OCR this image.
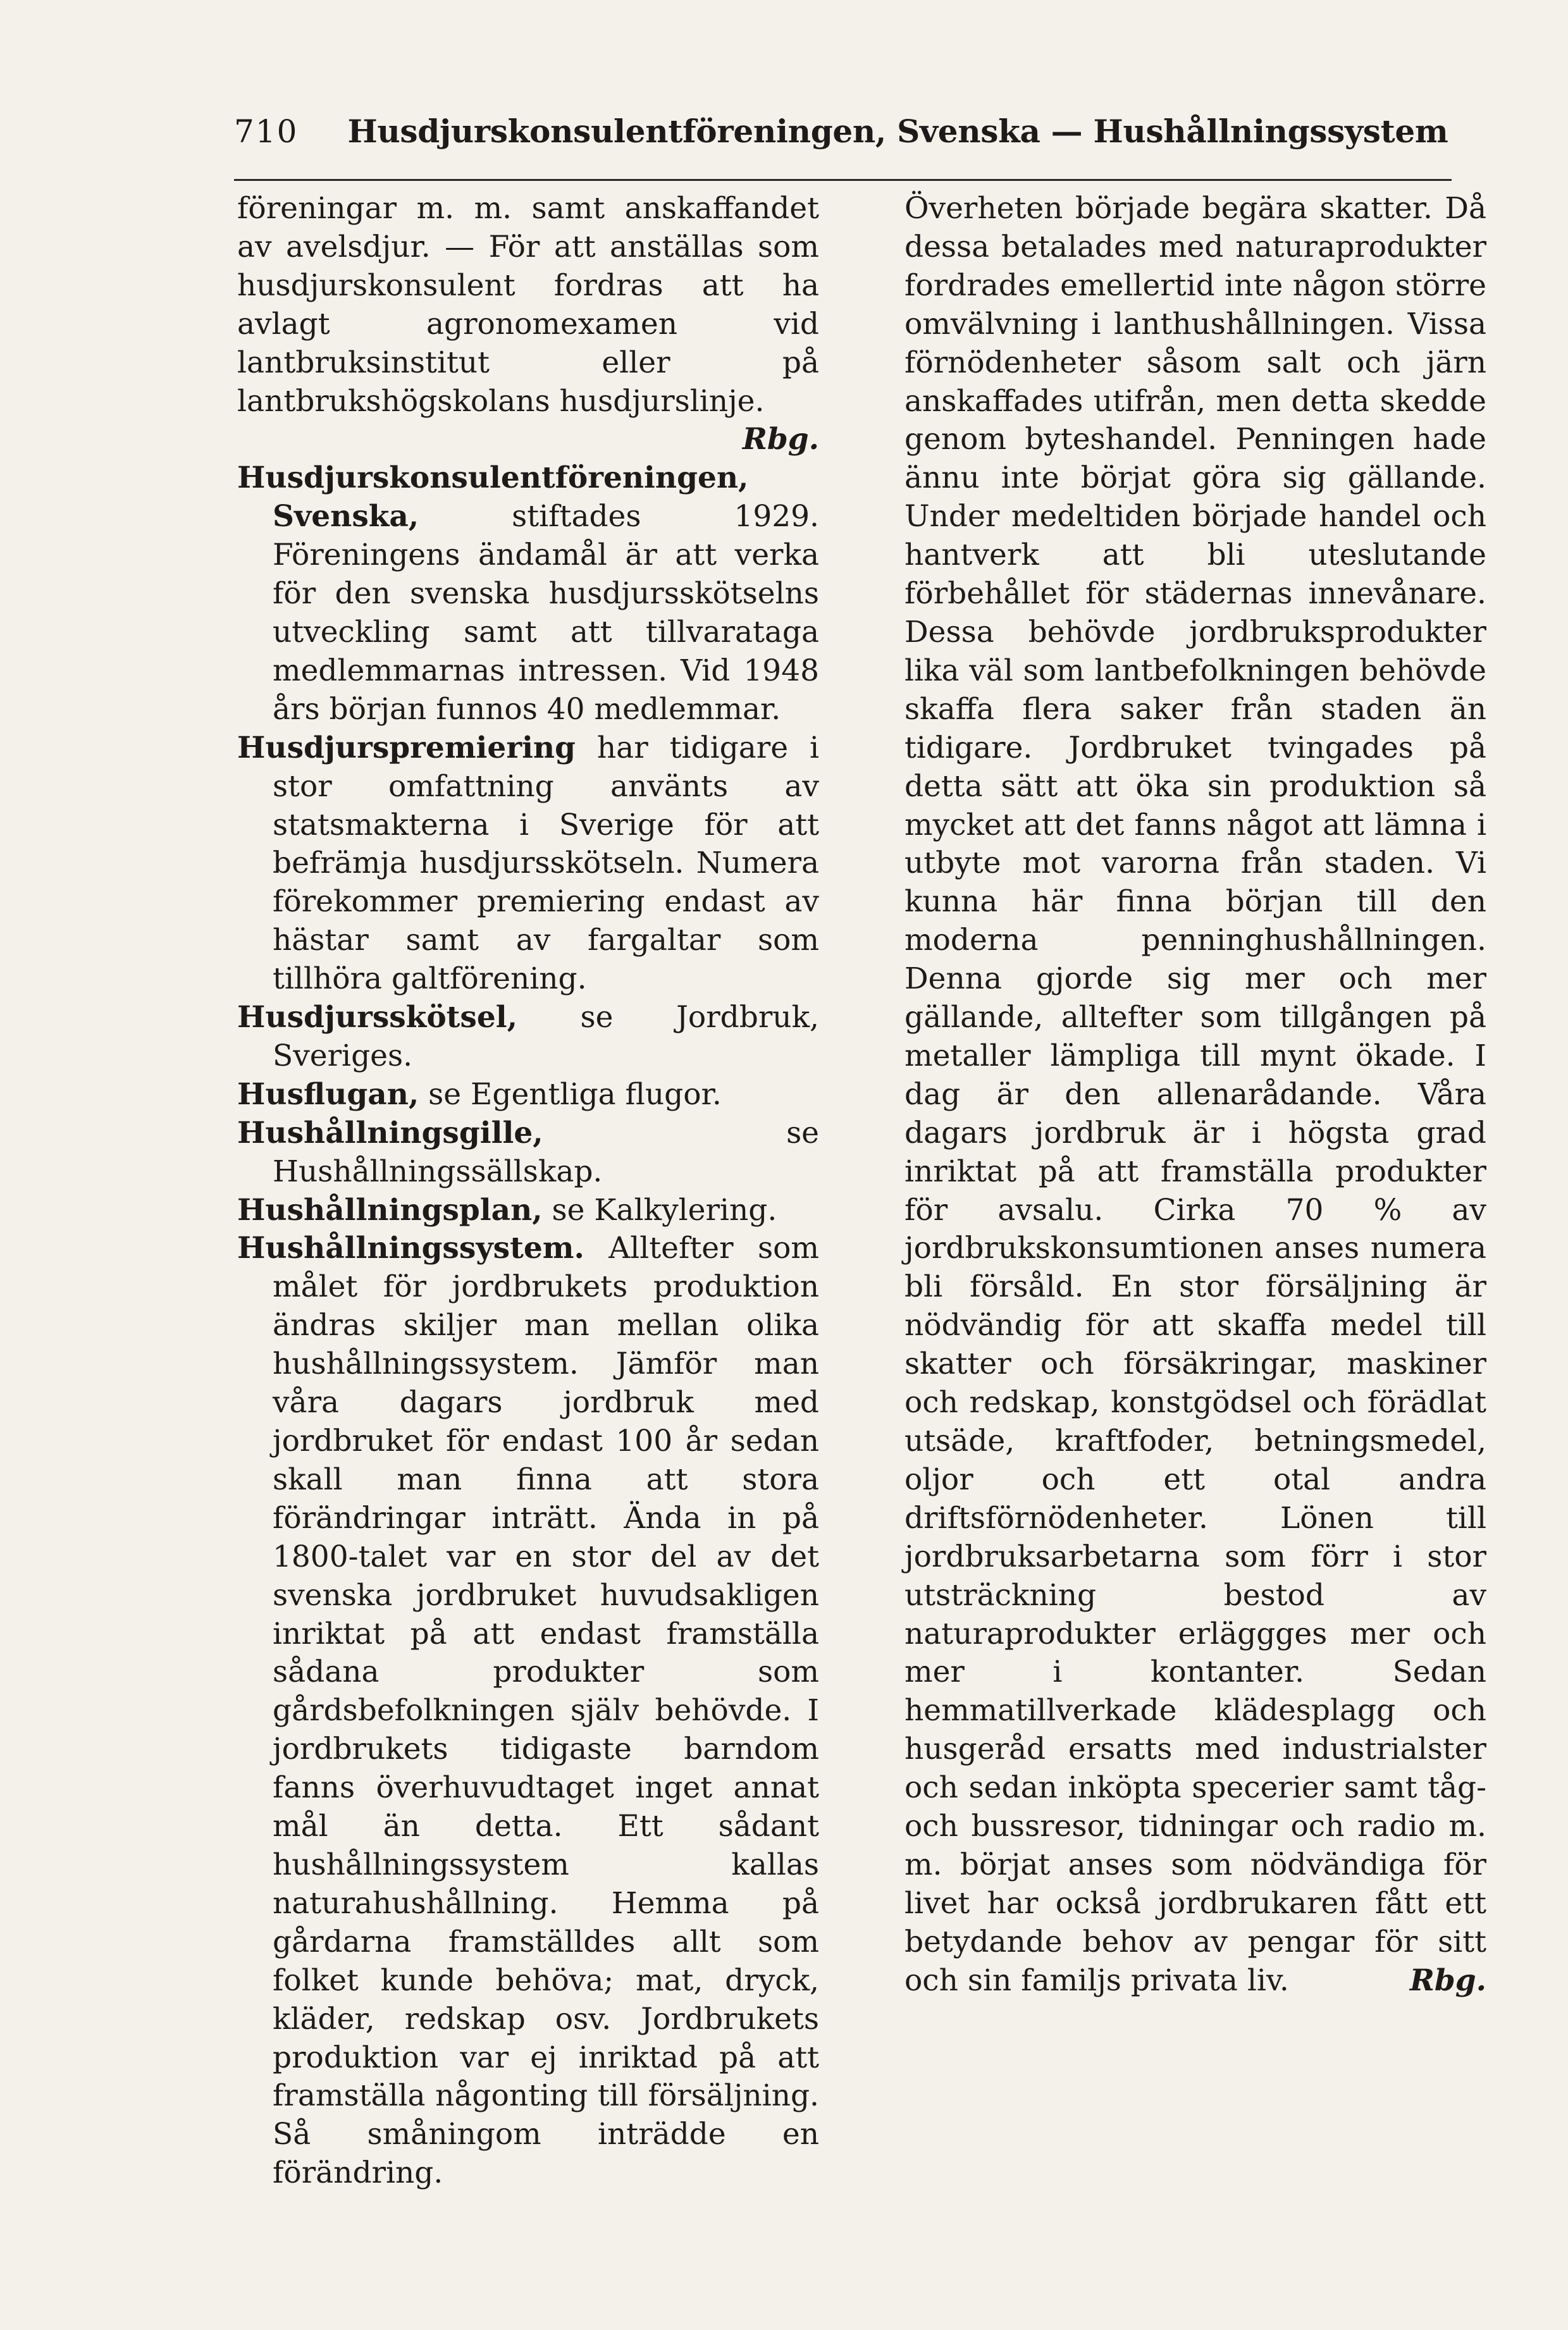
710 Husdjurskonsulentföreningen, Svenska — Hushållningssystem

föreningar m. m. samt anskaffandet av avelsdjur. — För att anställas som husdjurskonsulent fordras att ha avlagt agronomexamen vid lantbruksinstitut eller på lantbrukshögskolans husdjurslinje.
Rbg.

Husdjurskonsulentföreningen, Svenska, stiftades 1929. Föreningens ändamål är att verka för den svenska husdjursskötselns utveckling samt att tillvarataga medlemmarnas intressen. Vid 1948 års början funnos 40 medlemmar.

Husdjurspremiering har tidigare i stor omfattning använts av statsmakterna i Sverige för att befrämja husdjursskötseln. Numera förekommer premiering endast av hästar samt av fargaltar som tillhöra galtförening.

Husdjursskötsel, se Jordbruk, Sveriges.

Husflugan, se Egentliga flugor.

Hushållningsgille, se Hushållningssällskap.

Hushållningsplan, se Kalkylering.

Hushållningssystem. Alltefter som målet för jordbrukets produktion ändras skiljer man mellan olika hushållningssystem. Jämför man våra dagars jordbruk med jordbruket för endast 100 år sedan skall man finna att stora förändringar inträtt. Ända in på 1800-talet var en stor del av det svenska jordbruket huvudsakligen inriktat på att endast framställa sådana produkter som gårdsbefolkningen själv behövde. I jordbrukets tidigaste barndom fanns överhuvudtaget inget annat mål än detta. Ett sådant hushållningssystem kallas naturahushållning. Hemma på gårdarna framställdes allt som folket kunde behöva; mat, dryck, kläder, redskap osv. Jordbrukets produktion var ej inriktad på att framställa någonting till försäljning. Så småningom inträdde en förändring.

Överheten började begära skatter. Då dessa betalades med naturaprodukter fordrades emellertid inte någon större omvälvning i lanthushållningen. Vissa förnödenheter såsom salt och järn anskaffades utifrån, men detta skedde genom byteshandel. Penningen hade ännu inte börjat göra sig gällande. Under medeltiden började handel och hantverk att bli uteslutande förbehållet för städernas innevånare. Dessa behövde jordbruksprodukter lika väl som lantbefolkningen behövde skaffa flera saker från staden än tidigare. Jordbruket tvingades på detta sätt att öka sin produktion så mycket att det fanns något att lämna i utbyte mot varorna från staden. Vi kunna här finna början till den moderna penninghushållningen. Denna gjorde sig mer och mer gällande, alltefter som tillgången på metaller lämpliga till mynt ökade. I dag är den allenarådande. Våra dagars jordbruk är i högsta grad inriktat på att framställa produkter för avsalu. Cirka 70 % av jordbrukskonsumtionen anses numera bli försåld. En stor försäljning är nödvändig för att skaffa medel till skatter och försäkringar, maskiner och redskap, konstgödsel och förädlat utsäde, kraftfoder, betningsmedel, oljor och ett otal andra driftsförnödenheter. Lönen till jordbruksarbetarna som förr i stor utsträckning bestod av naturaprodukter erläggges mer och mer i kontanter. Sedan hemmatillverkade klädesplagg och husgeråd ersatts med industrialster och sedan inköpta specerier samt tåg- och bussresor, tidningar och radio m. m. börjat anses som nödvändiga för livet har också jordbrukaren fått ett betydande behov av pengar för sitt och sin familjs privata liv.	Rbg.
